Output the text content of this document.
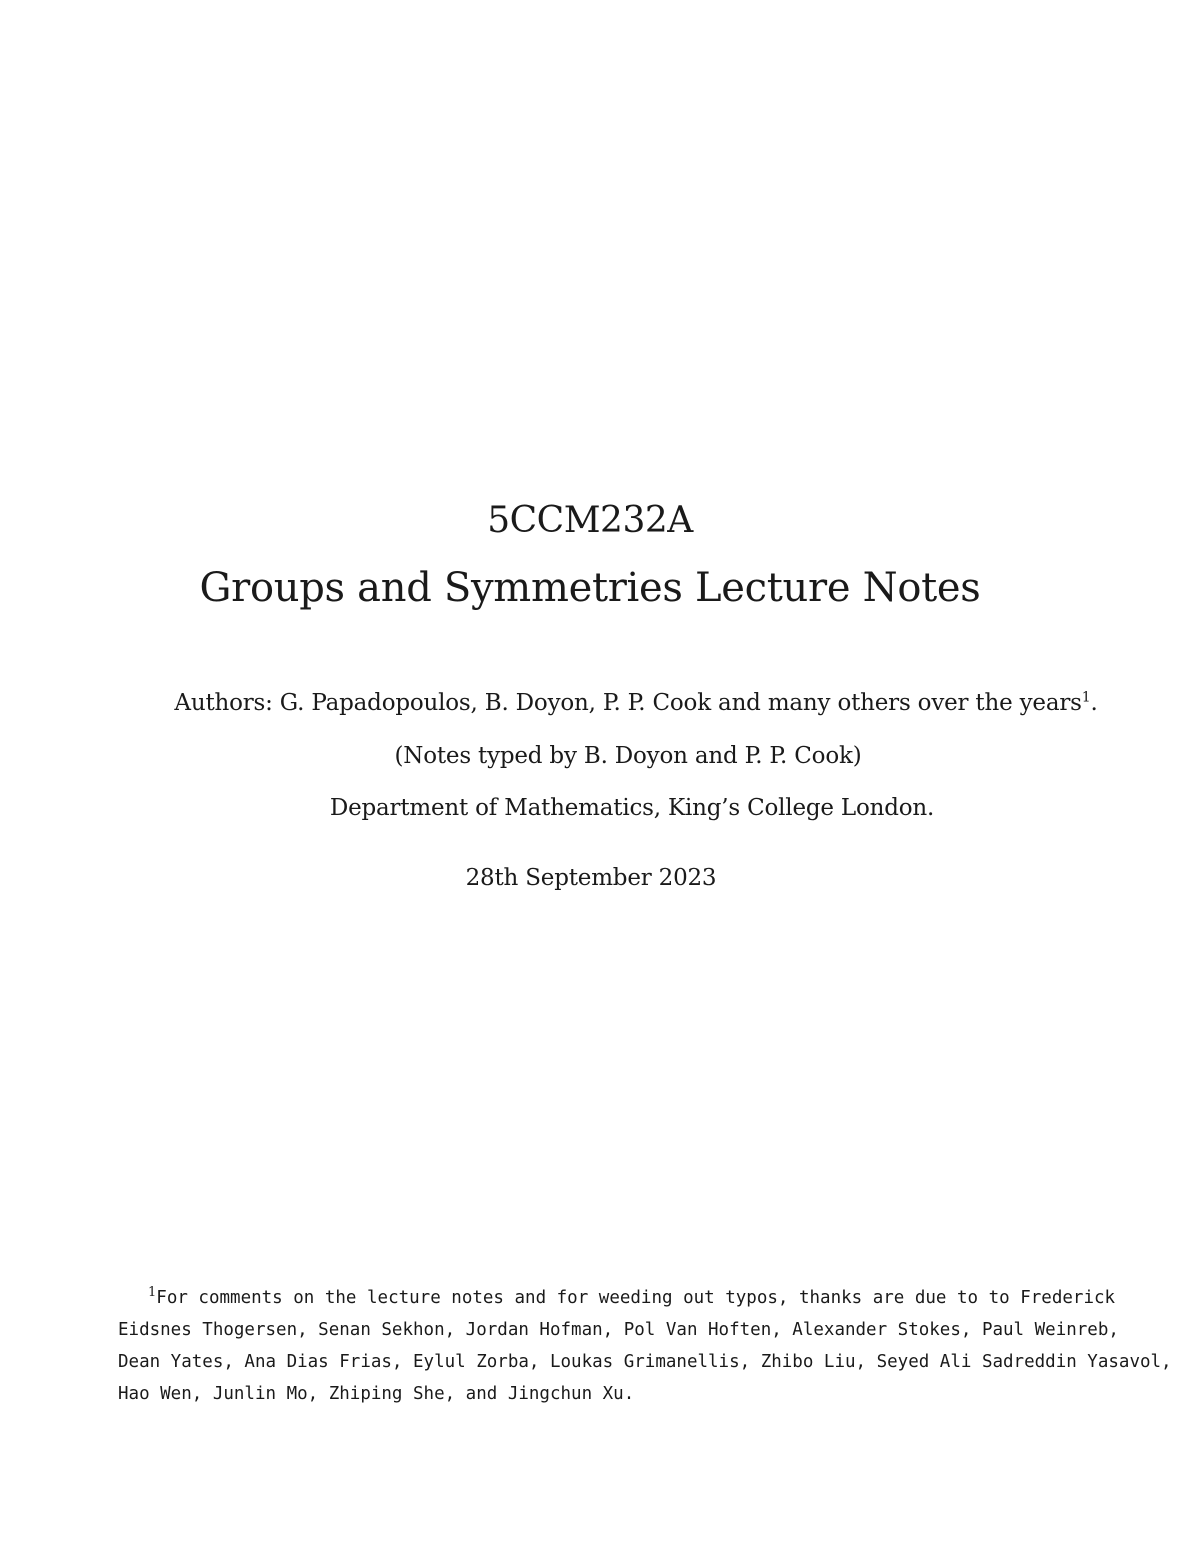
5CCM232A
Groups and Symmetries Lecture Notes
Authors: G. Papadopoulos, B. Doyon, P. P. Cook and many others over the years$^1$.
(Notes typed by B. Doyon and P. P. Cook)
Department of Mathematics, King’s College London.
28th September 2023
$^1$For comments on the lecture notes and for weeding out typos, thanks are due to to Frederick
Eidsnes Thogersen, Senan Sekhon, Jordan Hofman, Pol Van Hoften, Alexander Stokes, Paul Weinreb,
Dean Yates, Ana Dias Frias, Eylul Zorba, Loukas Grimanellis, Zhibo Liu, Seyed Ali Sadreddin Yasavol,
Hao Wen, Junlin Mo, Zhiping She, and Jingchun Xu.
